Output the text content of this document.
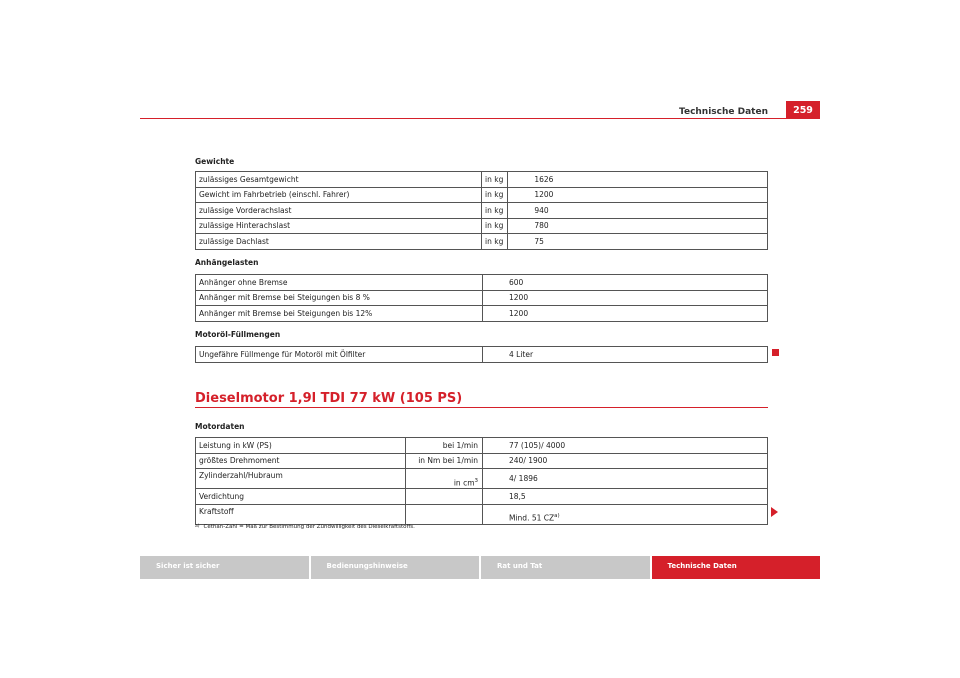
Technische Daten	259
Gewichte
zulässiges Gesamtgewicht	in kg	1626
Gewicht im Fahrbetrieb (einschl. Fahrer)	in kg	1200
zulässige Vorderachslast	in kg	940
zulässige Hinterachslast	in kg	780
zulässige Dachlast	in kg	75
Anhängelasten
Anhänger ohne Bremse	600
Anhänger mit Bremse bei Steigungen bis 8 %	1200
Anhänger mit Bremse bei Steigungen bis 12%	1200
Motoröl-Füllmengen
Ungefähre Füllmenge für Motoröl mit Ölfilter	4 Liter
Dieselmotor 1,9l TDI 77 kW (105 PS)
Motordaten
Leistung in kW (PS)	bei 1/min	77 (105)/ 4000
größtes Drehmoment	in Nm bei 1/min	240/ 1900
Zylinderzahl/Hubraum	in $cm^3$	4/ 1896
Verdichtung		18,5
Kraftstoff		Mind. 51 CZ$^{a)}$
$^{a)}$ Cethan-Zahl = Maß zur Bestimmung der Zündwilligkeit des Dieselkraftstoffs.
Sicher ist sicher	Bedienungshinweise	Rat und Tat	Technische Daten
